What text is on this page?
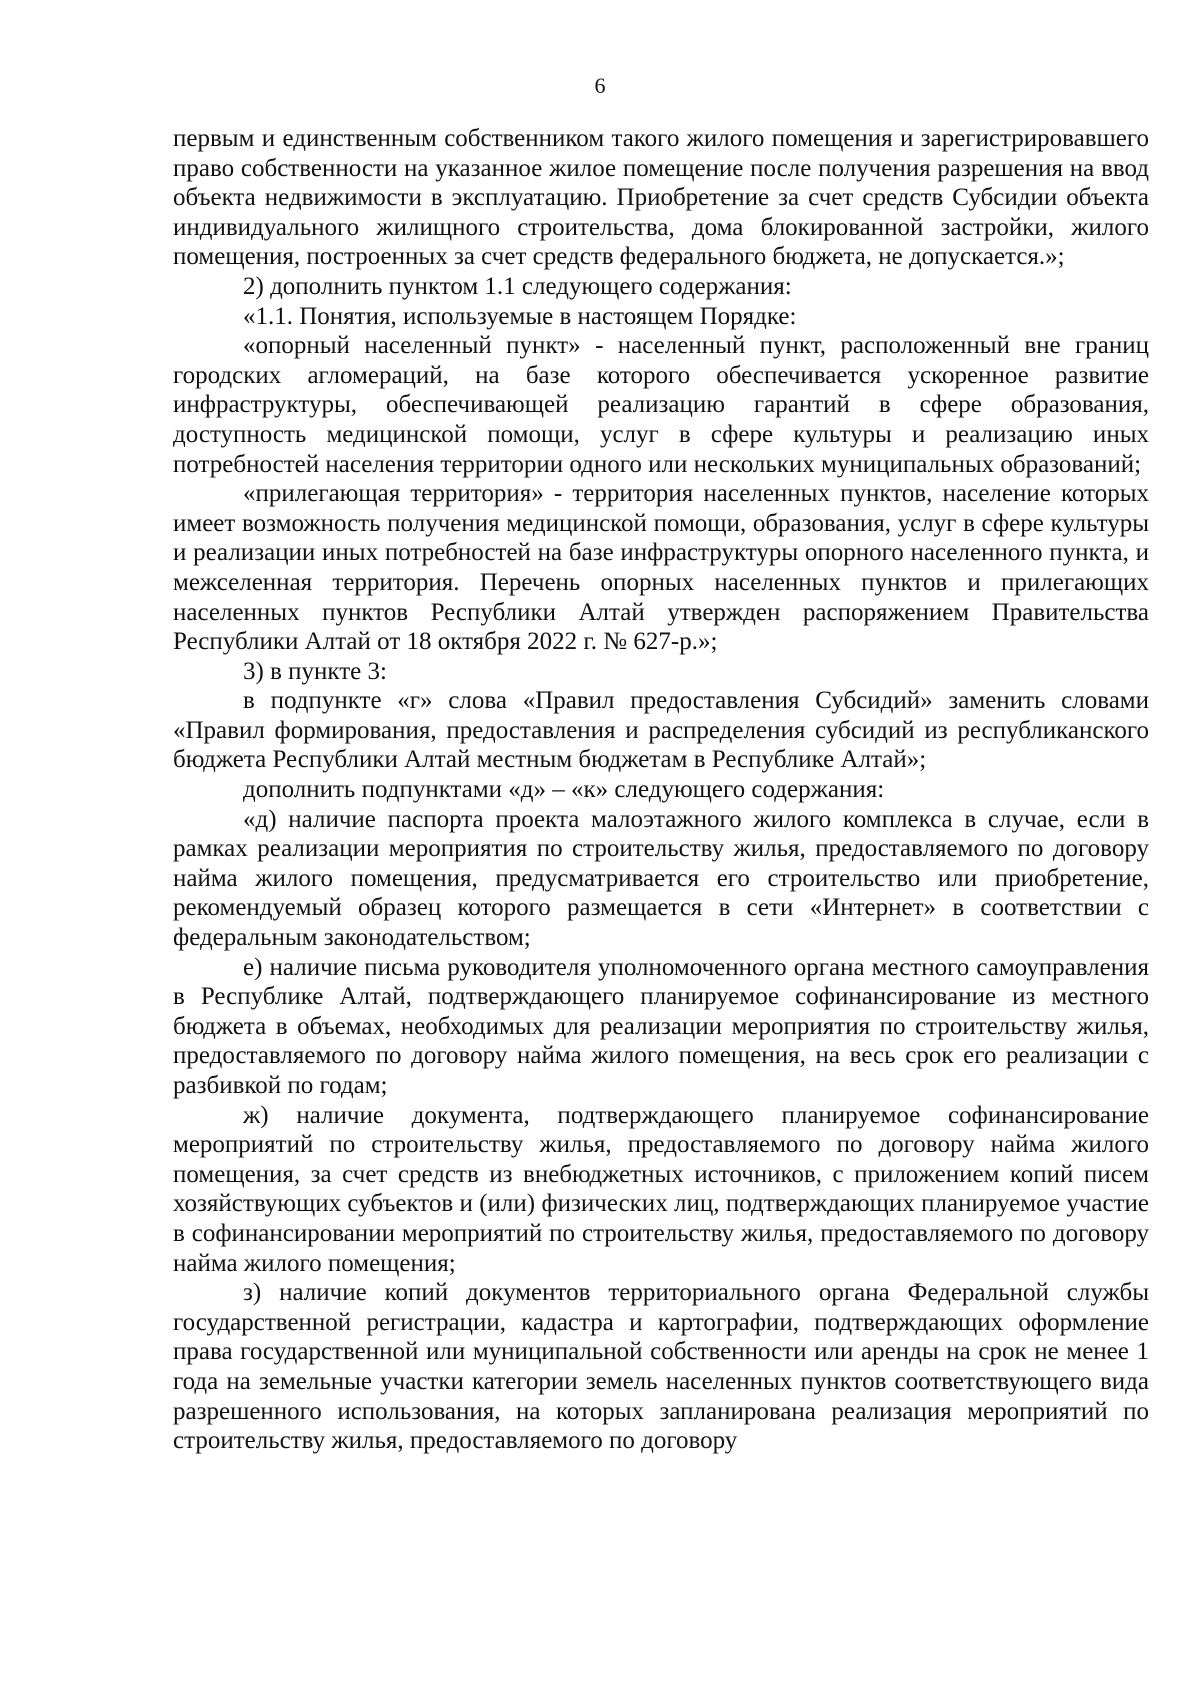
6

первым и единственным собственником такого жилого помещения и зарегистрировавшего право собственности на указанное жилое помещение после получения разрешения на ввод объекта недвижимости в эксплуатацию. Приобретение за счет средств Субсидии объекта индивидуального жилищного строительства, дома блокированной застройки, жилого помещения, построенных за счет средств федерального бюджета, не допускается.»;

2) дополнить пунктом 1.1 следующего содержания:

«1.1. Понятия, используемые в настоящем Порядке:

«опорный населенный пункт» - населенный пункт, расположенный вне границ городских агломераций, на базе которого обеспечивается ускоренное развитие инфраструктуры, обеспечивающей реализацию гарантий в сфере образования, доступность медицинской помощи, услуг в сфере культуры и реализацию иных потребностей населения территории одного или нескольких муниципальных образований;

«прилегающая территория» - территория населенных пунктов, население которых имеет возможность получения медицинской помощи, образования, услуг в сфере культуры и реализации иных потребностей на базе инфраструктуры опорного населенного пункта, и межселенная территория. Перечень опорных населенных пунктов и прилегающих населенных пунктов Республики Алтай утвержден распоряжением Правительства Республики Алтай от 18 октября 2022 г. № 627-р.»;

3) в пункте 3:

в подпункте «г» слова «Правил предоставления Субсидий» заменить словами «Правил формирования, предоставления и распределения субсидий из республиканского бюджета Республики Алтай местным бюджетам в Республике Алтай»;

дополнить подпунктами «д» – «к» следующего содержания:

«д) наличие паспорта проекта малоэтажного жилого комплекса в случае, если в рамках реализации мероприятия по строительству жилья, предоставляемого по договору найма жилого помещения, предусматривается его строительство или приобретение, рекомендуемый образец которого размещается в сети «Интернет» в соответствии с федеральным законодательством;

е) наличие письма руководителя уполномоченного органа местного самоуправления в Республике Алтай, подтверждающего планируемое софинансирование из местного бюджета в объемах, необходимых для реализации мероприятия по строительству жилья, предоставляемого по договору найма жилого помещения, на весь срок его реализации с разбивкой по годам;

ж) наличие документа, подтверждающего планируемое софинансирование мероприятий по строительству жилья, предоставляемого по договору найма жилого помещения, за счет средств из внебюджетных источников, с приложением копий писем хозяйствующих субъектов и (или) физических лиц, подтверждающих планируемое участие в софинансировании мероприятий по строительству жилья, предоставляемого по договору найма жилого помещения;

з) наличие копий документов территориального органа Федеральной службы государственной регистрации, кадастра и картографии, подтверждающих оформление права государственной или муниципальной собственности или аренды на срок не менее 1 года на земельные участки категории земель населенных пунктов соответствующего вида разрешенного использования, на которых запланирована реализация мероприятий по строительству жилья, предоставляемого по договору
